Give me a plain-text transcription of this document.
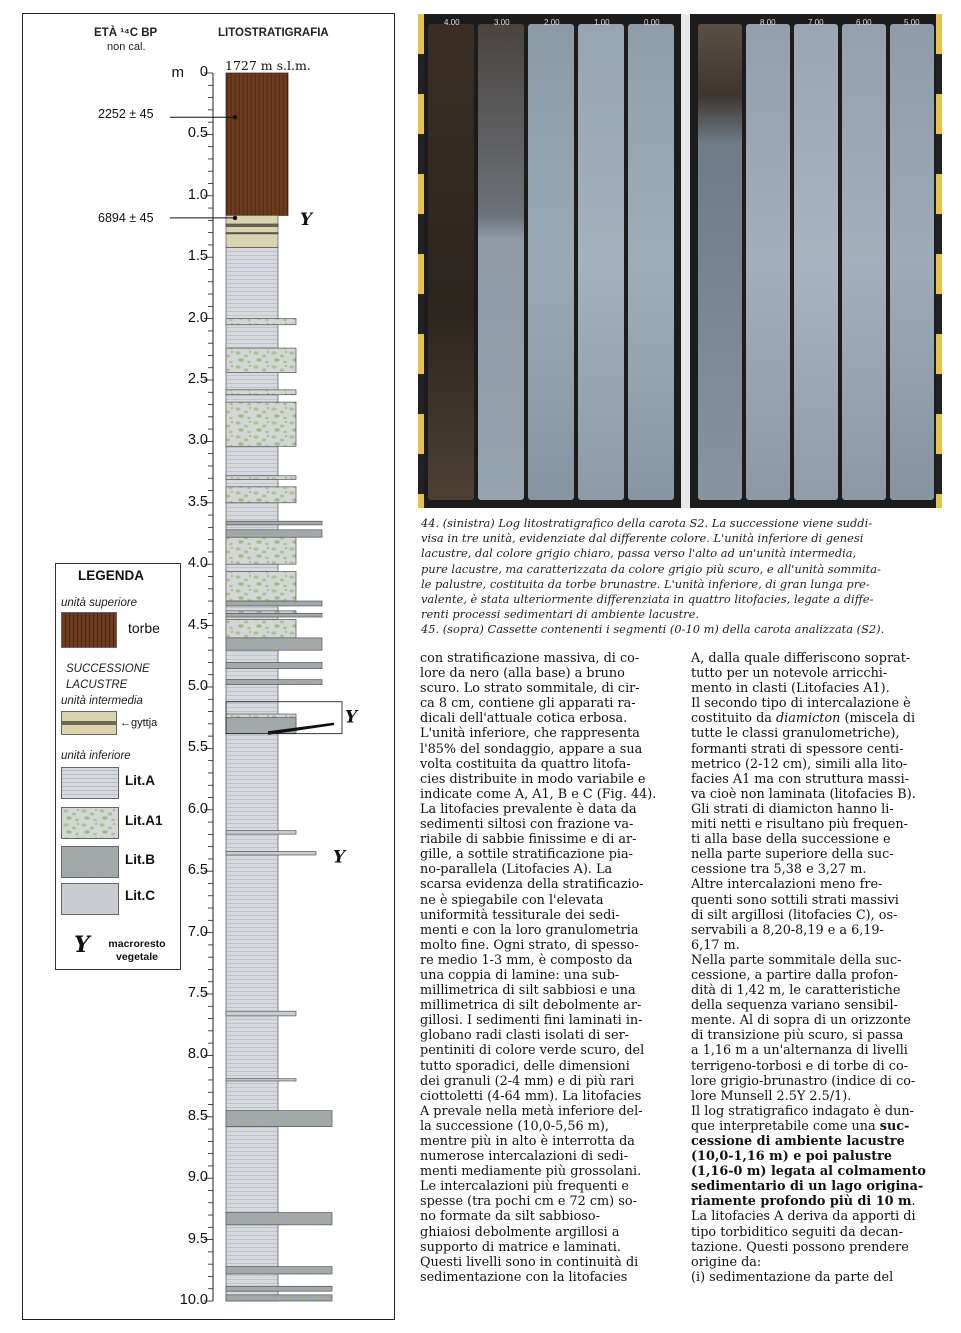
ETÀ ¹⁴C BP
non cal.
LITOSTRATIGRAFIA
1727 m s.l.m.
m
Y
Y
Y
0
0.5
1.0
1.5
2.0
2.5
3.0
3.5
4.0
4.5
5.0
5.5
6.0
6.5
7.0
7.5
8.0
8.5
9.0
9.5
10.0
2252 ± 45
6894 ± 45
LEGENDA
unità superiore
torbe
SUCCESSIONE
LACUSTRE
unità intermedia
←gyttja
unità inferiore
Lit.A
Lit.A1
Lit.B
Lit.C
Y	macroresto
vegetale
4.00	3.00	2.00	1.00	0.00	8.00	7.00	6.00	5.00

44. (sinistra) Log litostratigrafico della carota S2. La successione viene suddi-

visa in tre unità, evidenziate dal differente colore. L'unità inferiore di genesi

lacustre, dal colore grigio chiaro, passa verso l'alto ad un'unità intermedia,

pure lacustre, ma caratterizzata da colore grigio più scuro, e all'unità sommita-

le palustre, costituita da torbe brunastre. L'unità inferiore, di gran lunga pre-

valente, è stata ulteriormente differenziata in quattro litofacies, legate a diffe-

renti processi sedimentari di ambiente lacustre.

45. (sopra) Cassette contenenti i segmenti (0-10 m) della carota analizzata (S2).

con stratificazione massiva, di co-

lore da nero (alla base) a bruno

scuro. Lo strato sommitale, di cir-

ca 8 cm, contiene gli apparati ra-

dicali dell'attuale cotica erbosa.

L'unità inferiore, che rappresenta

l'85% del sondaggio, appare a sua

volta costituita da quattro litofa-

cies distribuite in modo variabile e

indicate come A, A1, B e C (Fig. 44).

La litofacies prevalente è data da

sedimenti siltosi con frazione va-

riabile di sabbie finissime e di ar-

gille, a sottile stratificazione pia-

no-parallela (Litofacies A). La

scarsa evidenza della stratificazio-

ne è spiegabile con l'elevata

uniformità tessiturale dei sedi-

menti e con la loro granulometria

molto fine. Ogni strato, di spesso-

re medio 1-3 mm, è composto da

una coppia di lamine: una sub-

millimetrica di silt sabbiosi e una

millimetrica di silt debolmente ar-

gillosi. I sedimenti fini laminati in-

globano radi clasti isolati di ser-

pentiniti di colore verde scuro, del

tutto sporadici, delle dimensioni

dei granuli (2-4 mm) e di più rari

ciottoletti (4-64 mm). La litofacies

A prevale nella metà inferiore del-

la successione (10,0-5,56 m),

mentre più in alto è interrotta da

numerose intercalazioni di sedi-

menti mediamente più grossolani.

Le intercalazioni più frequenti e

spesse (tra pochi cm e 72 cm) so-

no formate da silt sabbioso-

ghiaiosi debolmente argillosi a

supporto di matrice e laminati.

Questi livelli sono in continuità di

sedimentazione con la litofacies

A, dalla quale differiscono soprat-

tutto per un notevole arricchi-

mento in clasti (Litofacies A1).

Il secondo tipo di intercalazione è

costituito da diamicton (miscela di

tutte le classi granulometriche),

formanti strati di spessore centi-

metrico (2-12 cm), simili alla lito-

facies A1 ma con struttura massi-

va cioè non laminata (litofacies B).

Gli strati di diamicton hanno li-

miti netti e risultano più frequen-

ti alla base della successione e

nella parte superiore della suc-

cessione tra 5,38 e 3,27 m.

Altre intercalazioni meno fre-

quenti sono sottili strati massivi

di silt argillosi (litofacies C), os-

servabili a 8,20-8,19 e a 6,19-

6,17 m.

Nella parte sommitale della suc-

cessione, a partire dalla profon-

dità di 1,42 m, le caratteristiche

della sequenza variano sensibil-

mente. Al di sopra di un orizzonte

di transizione più scuro, si passa

a 1,16 m a un'alternanza di livelli

terrigeno-torbosi e di torbe di co-

lore grigio-brunastro (indice di co-

lore Munsell 2.5Y 2.5/1).

Il log stratigrafico indagato è dun-

que interpretabile come una suc-

cessione di ambiente lacustre

(10,0-1,16 m) e poi palustre

(1,16-0 m) legata al colmamento

sedimentario di un lago origina-

riamente profondo più di 10 m.

La litofacies A deriva da apporti di

tipo torbiditico seguiti da decan-

tazione. Questi possono prendere

origine da:

(i) sedimentazione da parte del
